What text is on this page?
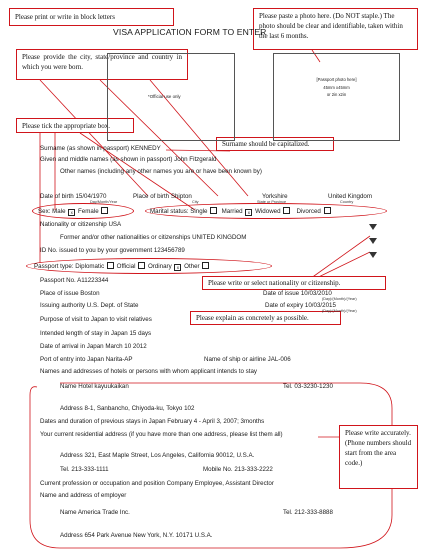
Please print or write in block letters	Please paste a photo here. (Do NOT staple.) The photo should be clear and identifiable, taken within the last 6 months.
Please provide the city, state/province and country in which you were born.
Please tick the appropriate box.
Surname should be capitalized.
Please write or select nationality or citizenship.
Please explain as concretely as possible.
Please write accurately.(Phone numbers should start from the area code.)
VISA APPLICATION FORM TO ENTER
*Official use only
[Passport photo here]
45mm x45mm
or 2in x2in
Surname (as shown in passport) KENNEDY
Given and middle names (as shown in passport) John Fitzgerald
Other names (including any other names you are or have been known by)
Date of birth 15/04/1970
Day/Month/Year
Place of birth Shipton
City
Yorkshire
State or Province
United Kingdom
Country
Sex: Male x Female	Marital status: Single Married x Widowed	Divorced
Nationality or citizenship USA
Former and/or other nationalities or citizenships UNITED KINGDOM
ID No. issued to you by your government 123456789
Passport type: Diplomatic Official Ordinary x Other
Passport No. A11223344
Place of issue Boston	Date of issue 10/03/2010
(Day)/(Month)/(Year)
Issuing authority U.S. Dept. of State	Date of expiry 10/03/2015
(Day)/(Month)/(Year)
Purpose of visit to Japan to visit relatives
Intended length of stay in Japan 15 days
Date of arrival in Japan March 10 2012
Port of entry into Japan Narita-AP	Name of ship or airline JAL-006
Names and addresses of hotels or persons with whom applicant intends to stay
Name Hotel kayuukaikan	Tel. 03-3230-1230
Address 8-1, Sanbancho, Chiyoda-ku, Tokyo 102
Dates and duration of previous stays in Japan February 4 - April 3, 2007; 3months
Your current residential address (if you have more than one address, please list them all)
Address 321, East Maple Street, Los Angeles, California 90012, U.S.A.
Tel. 213-333-1111	Mobile No. 213-333-2222
Current profession or occupation and position Company Employee, Assistant Director
Name and address of employer
Name America Trade Inc.	Tel. 212-333-8888
Address 654 Park Avenue New York, N.Y. 10171 U.S.A.
